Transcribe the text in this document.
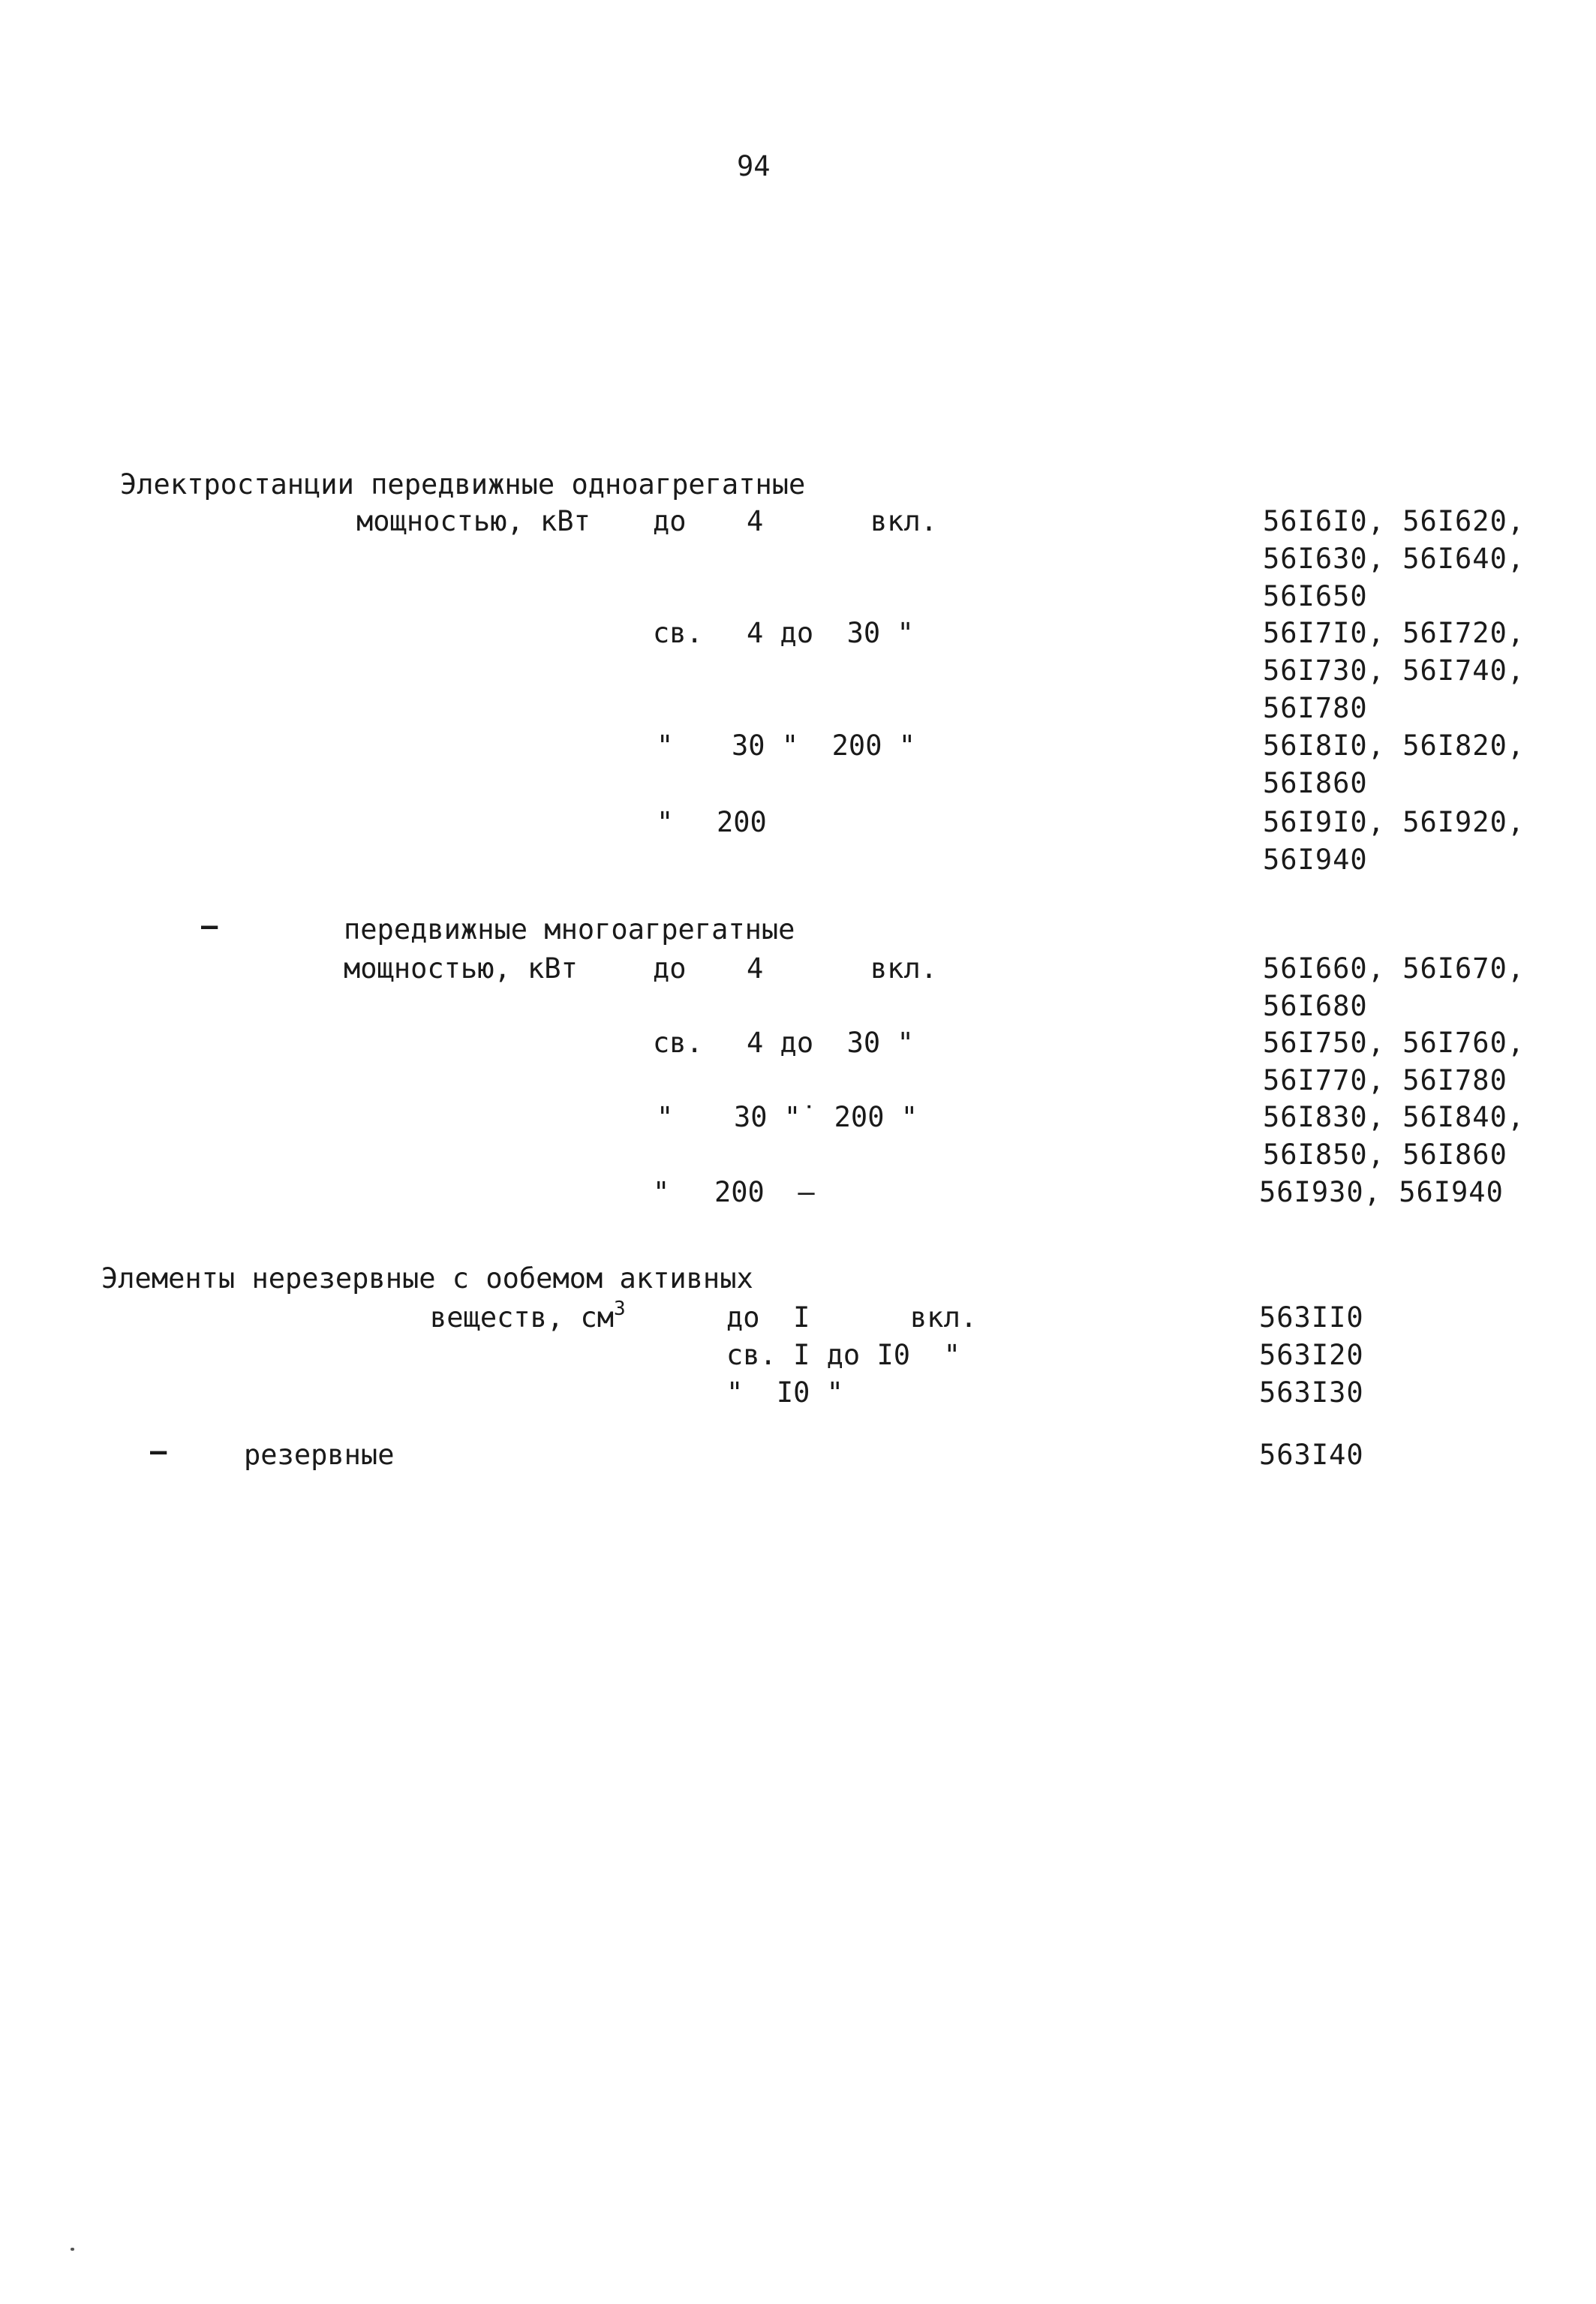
94
Электростанции передвижные одноагрегатные
мощностью, кВт до 4	вкл.	56I6I0, 56I620,
56I630, 56I640,
56I650
св. 4 до  30 "	56I7I0, 56I720,
56I730, 56I740,
56I780
" 30 "  200 "	56I8I0, 56I820,
56I860
" 200	56I9I0, 56I920,
56I940
–	передвижные многоагрегатные
мощностью, кВт	до 4	вкл.	56I660, 56I670,
56I680
св. 4 до  30 "	56I750, 56I760,
56I770, 56I780
" 30 "˙ 200 "	56I830, 56I840,
56I850, 56I860
" 200  –	56I930, 56I940
Элементы нерезервные с ообемом активных
веществ, $см^3$	до  I      вкл.	563II0
св. I до I0  "	563I20
"  I0 "	563I30
–	резервные	563I40
